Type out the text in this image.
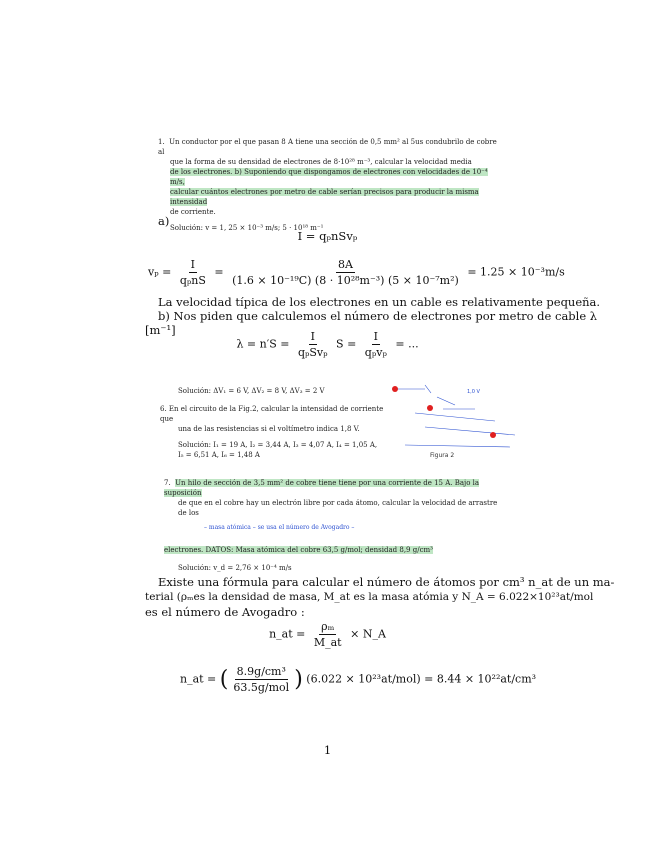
1. Un conductor por el que pasan 8 A tiene una sección de 0,5 mm² al 5us condubrilo de cobre al
que la forma de su densidad de electrones de 8·10²⁸ m⁻³, calcular la velocidad media
de los electrones. b) Suponiendo que dispongamos de electrones con velocidades de 10⁻⁴ m/s,
calcular cuántos electrones por metro de cable serían precisos para producir la misma intensidad
de corriente.
Solución: v = 1, 25 × 10⁻³ m/s; 5 · 10¹⁸ m⁻¹
a)
I = qₚnSvₚ
$v_p = \frac{I}{\text{qₚnS}} = \frac{8A}{\text{(1.6 × 10⁻¹⁹C) (8 · 10²⁸m⁻³) (5 × 10⁻⁷m²)}} = 1.25 \times 10^{-3}m/s$
La velocidad típica de los electrones en un cable es relativamente pequeña.
b) Nos piden que calculemos el número de electrones por metro de cable λ
[m⁻¹]
$\lambda = n'S = \frac{I}{\text{qₚSvₚ}}$ $S = \frac{I}{\text{qₚvₚ}}$ = ...
Solución: ΔV₁ = 6 V, ΔV₂ = 8 V, ΔV₃ = 2 V
6. En el circuito de la Fig.2, calcular la intensidad de corriente que
una de las resistencias si el voltímetro indica 1,8 V.
Solución: I₁ = 19 A, I₂ = 3,44 A, I₃ = 4,07 A, I₄ = 1,05 A,
I₅ = 6,51 A, I₆ = 1,48 A	Figura 2
1,0 V
7. Un hilo de sección de 3,5 mm² de cobre tiene tiene por una corriente de 15 A. Bajo la suposición
de que en el cobre hay un electrón libre por cada átomo, calcular la velocidad de arrastre de los
– masa atómica – se usa el número de Avogadro –
electrones. DATOS: Masa atómica del cobre 63,5 g/mol; densidad 8,9 g/cm³
Solución: v_d = 2,76 × 10⁻⁴ m/s
Existe una fórmula para calcular el número de átomos por cm³ n_at de un ma-
terial (ρₘes la densidad de masa, M_at es la masa atómia y N_A = 6.022×10²³at/mol
es el número de Avogadro :
n_at = $\frac{\text{ρₘ}}{M\_at}$ × N_A
n_at = ( $\frac{\text{8.9g/cm³}}{\text{63.5g/mol}}$ ) (6.022 × 10²³at/mol) = 8.44 × 10²²at/cm³
1
